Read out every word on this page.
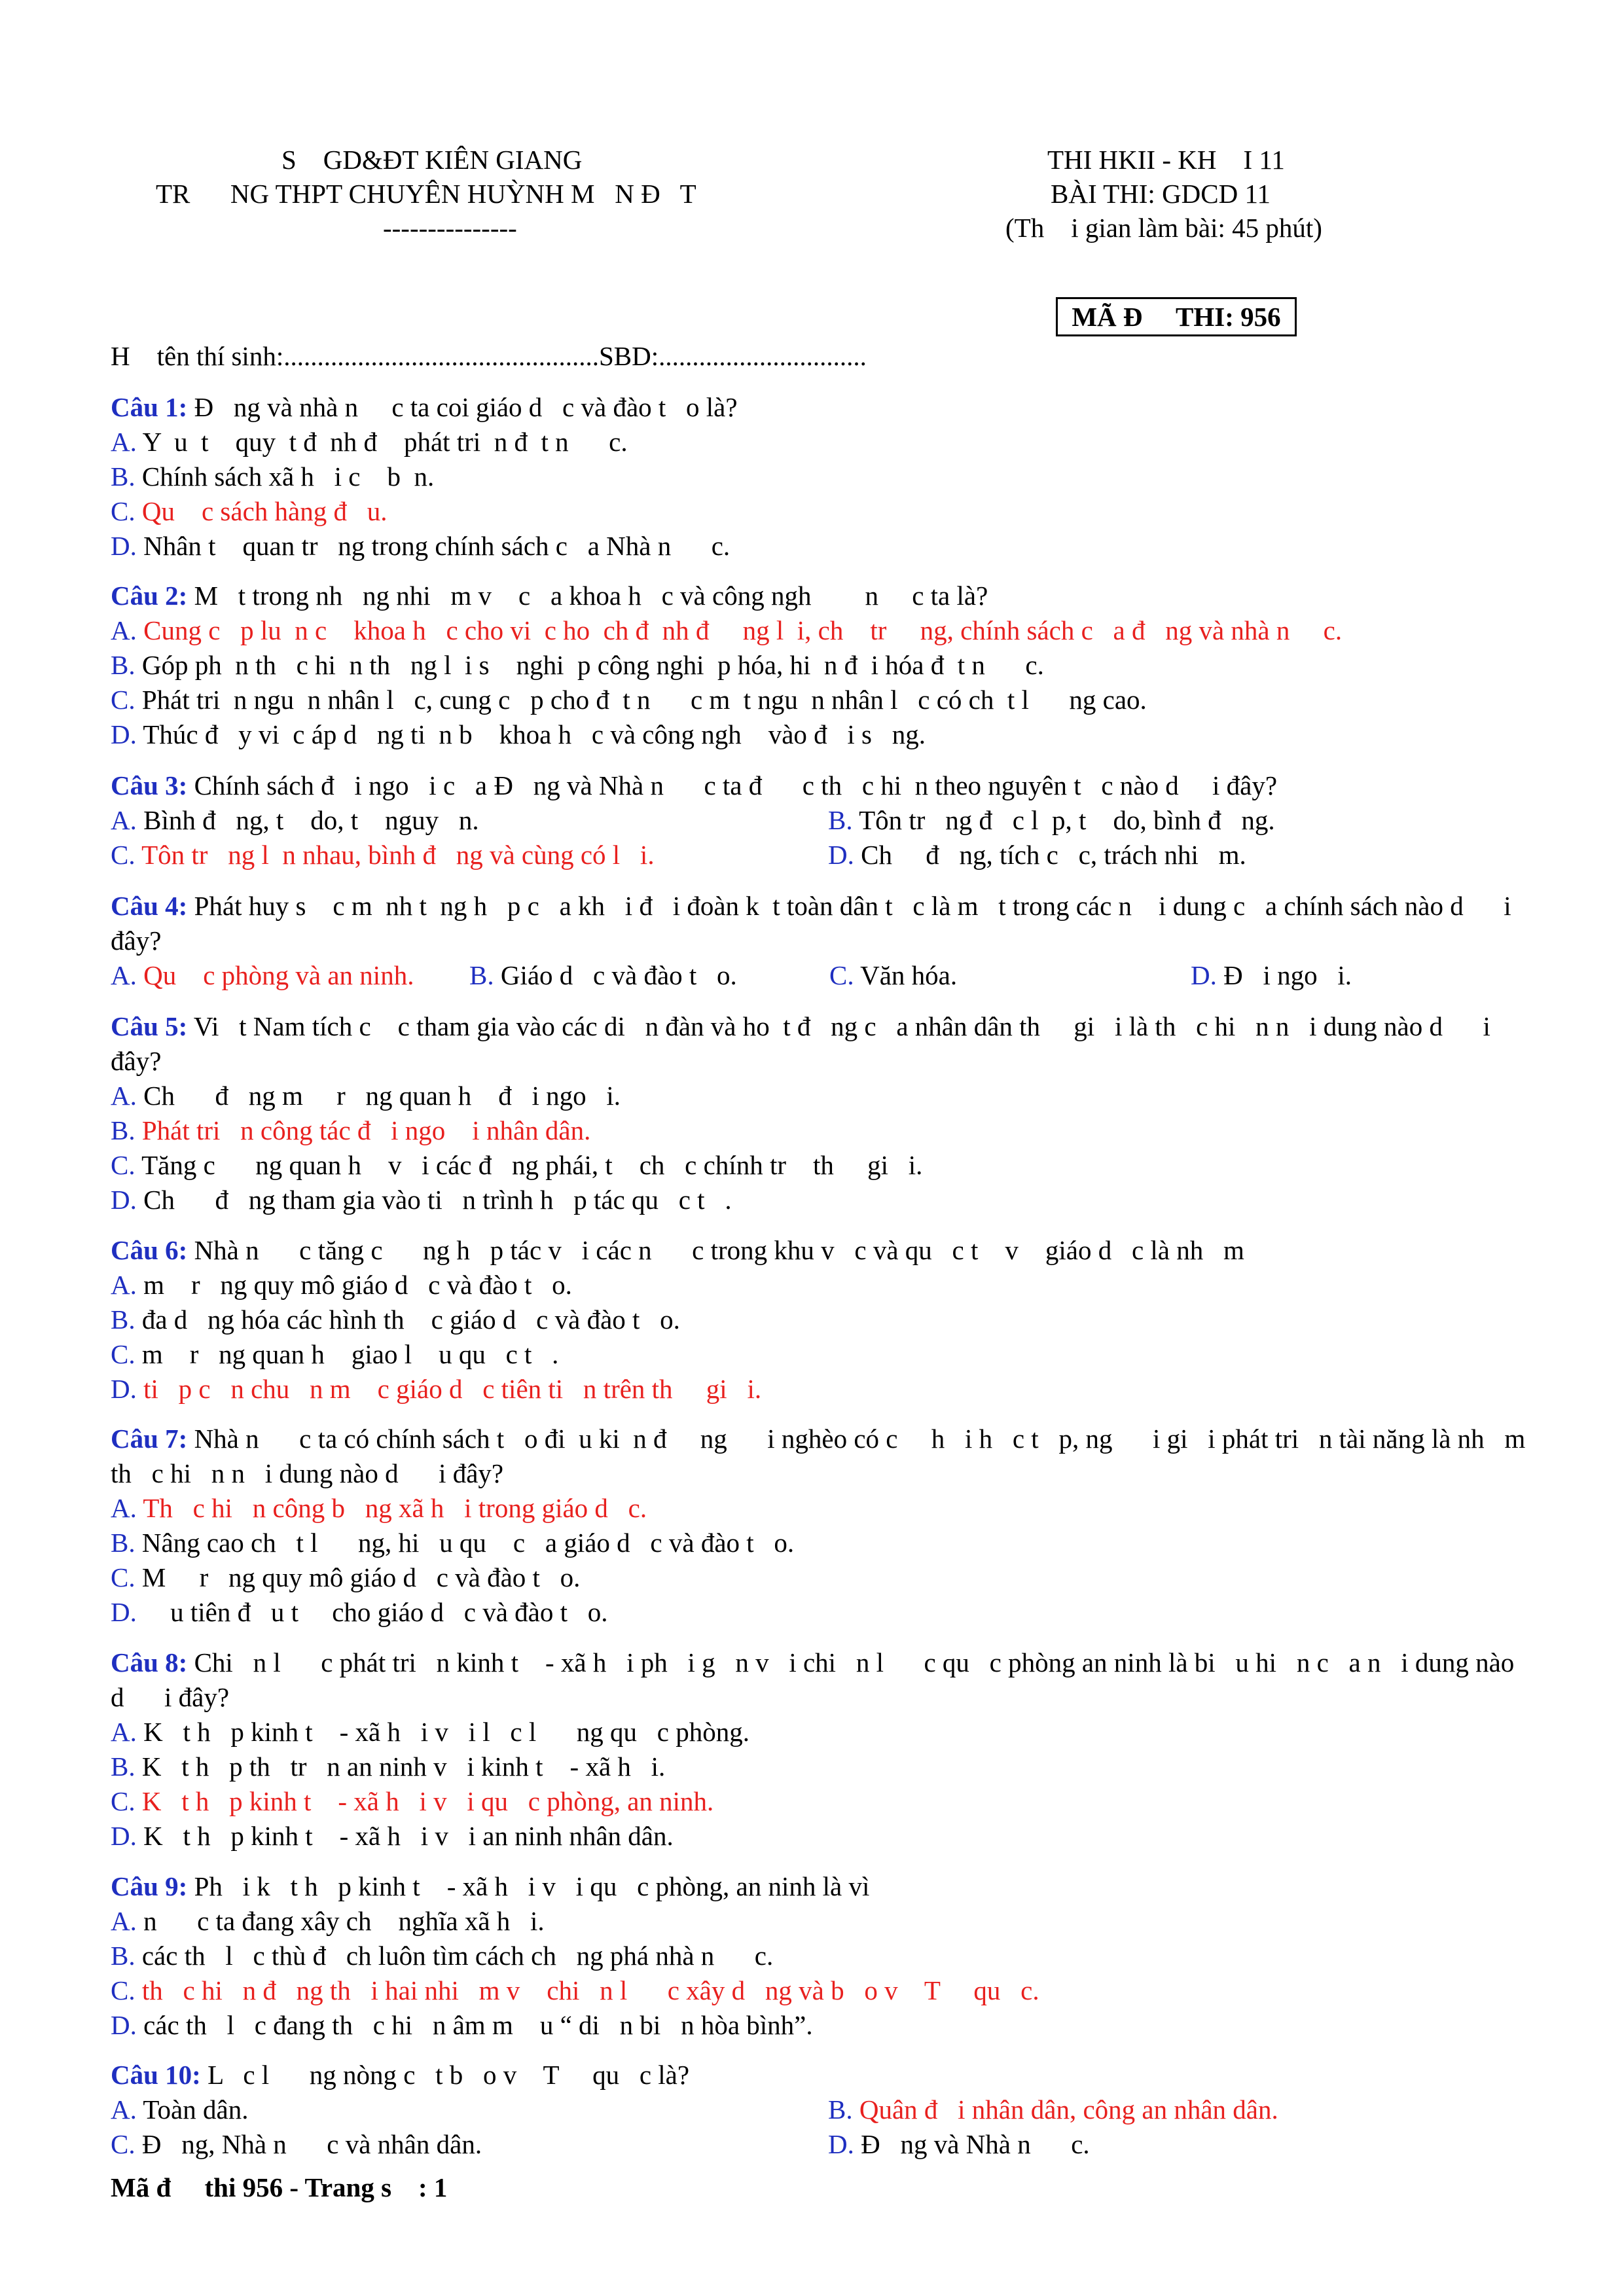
S    GD&ĐT KIÊN GIANG
TR      NG THPT CHUYÊN HUỲNH M   N Đ   T
---------------
THI HKII - KH    I 11
BÀI THI: GDCD 11
(Th    i gian làm bài: 45 phút)
MÃ Đ     THI: 956
H    tên thí sinh:...............................................SBD:...............................
Câu 1: Đ   ng và nhà n     c ta coi giáo d   c và đào t   o là?
A. Y  u  t    quy  t đ  nh đ    phát tri  n đ  t n      c.
B. Chính sách xã h   i c    b  n.
C. Qu    c sách hàng đ   u.
D. Nhân t    quan tr   ng trong chính sách c   a Nhà n      c.
Câu 2: M   t trong nh   ng nhi   m v    c   a khoa h   c và công ngh        n     c ta là?
A. Cung c   p lu  n c    khoa h   c cho vi  c ho  ch đ  nh đ     ng l  i, ch    tr     ng, chính sách c   a đ   ng và nhà n     c.
B. Góp ph  n th   c hi  n th   ng l  i s    nghi  p công nghi  p hóa, hi  n đ  i hóa đ  t n      c.
C. Phát tri  n ngu  n nhân l   c, cung c   p cho đ  t n      c m  t ngu  n nhân l   c có ch  t l      ng cao.
D. Thúc đ   y vi  c áp d   ng ti  n b    khoa h   c và công ngh    vào đ   i s   ng.
Câu 3: Chính sách đ   i ngo   i c   a Đ   ng và Nhà n      c ta đ      c th   c hi  n theo nguyên t   c nào d     i đây?
A. Bình đ   ng, t    do, t    nguy   n.	B. Tôn tr   ng đ   c l  p, t    do, bình đ   ng.
C. Tôn tr   ng l  n nhau, bình đ   ng và cùng có l   i.	D. Ch     đ   ng, tích c   c, trách nhi   m.
Câu 4: Phát huy s    c m  nh t  ng h   p c   a kh   i đ   i đoàn k  t toàn dân t   c là m   t trong các n    i dung c   a chính sách nào d      i đây?
A. Qu    c phòng và an ninh. B. Giáo d   c và đào t   o.	C. Văn hóa.	D. Đ   i ngo   i.
Câu 5: Vi   t Nam tích c    c tham gia vào các di   n đàn và ho  t đ   ng c   a nhân dân th     gi   i là th   c hi   n n   i dung nào d      i đây?
A. Ch      đ   ng m     r   ng quan h    đ   i ngo   i.
B. Phát tri   n công tác đ   i ngo    i nhân dân.
C. Tăng c      ng quan h    v   i các đ   ng phái, t    ch   c chính tr    th     gi   i.
D. Ch      đ   ng tham gia vào ti   n trình h   p tác qu   c t   .
Câu 6: Nhà n      c tăng c      ng h   p tác v   i các n      c trong khu v   c và qu   c t    v    giáo d   c là nh   m
A. m    r   ng quy mô giáo d   c và đào t   o.
B. đa d   ng hóa các hình th    c giáo d   c và đào t   o.
C. m    r   ng quan h    giao l    u qu   c t   .
D. ti   p c   n chu   n m    c giáo d   c tiên ti   n trên th     gi   i.
Câu 7: Nhà n      c ta có chính sách t   o đi  u ki  n đ     ng      i nghèo có c     h   i h   c t   p, ng      i gi   i phát tri   n tài năng là nh   m th   c hi   n n   i dung nào d      i đây?
A. Th   c hi   n công b   ng xã h   i trong giáo d   c.
B. Nâng cao ch   t l      ng, hi   u qu    c   a giáo d   c và đào t   o.
C. M     r   ng quy mô giáo d   c và đào t   o.
D.     u tiên đ   u t     cho giáo d   c và đào t   o.
Câu 8: Chi   n l      c phát tri   n kinh t    - xã h   i ph   i g   n v   i chi   n l      c qu   c phòng an ninh là bi   u hi   n c   a n   i dung nào d      i đây?
A. K   t h   p kinh t    - xã h   i v   i l   c l      ng qu   c phòng.
B. K   t h   p th   tr   n an ninh v   i kinh t    - xã h   i.
C. K   t h   p kinh t    - xã h   i v   i qu   c phòng, an ninh.
D. K   t h   p kinh t    - xã h   i v   i an ninh nhân dân.
Câu 9: Ph   i k   t h   p kinh t    - xã h   i v   i qu   c phòng, an ninh là vì
A. n      c ta đang xây ch    nghĩa xã h   i.
B. các th   l   c thù đ   ch luôn tìm cách ch   ng phá nhà n      c.
C. th   c hi   n đ   ng th   i hai nhi   m v    chi   n l      c xây d   ng và b   o v    T     qu   c.
D. các th   l   c đang th   c hi   n âm m    u “ di   n bi   n hòa bình”.
Câu 10: L   c l      ng nòng c   t b   o v    T     qu   c là?
A. Toàn dân.	B. Quân đ   i nhân dân, công an nhân dân.
C. Đ   ng, Nhà n      c và nhân dân.	D. Đ   ng và Nhà n      c.
Mã đ     thi 956 - Trang s    : 1
